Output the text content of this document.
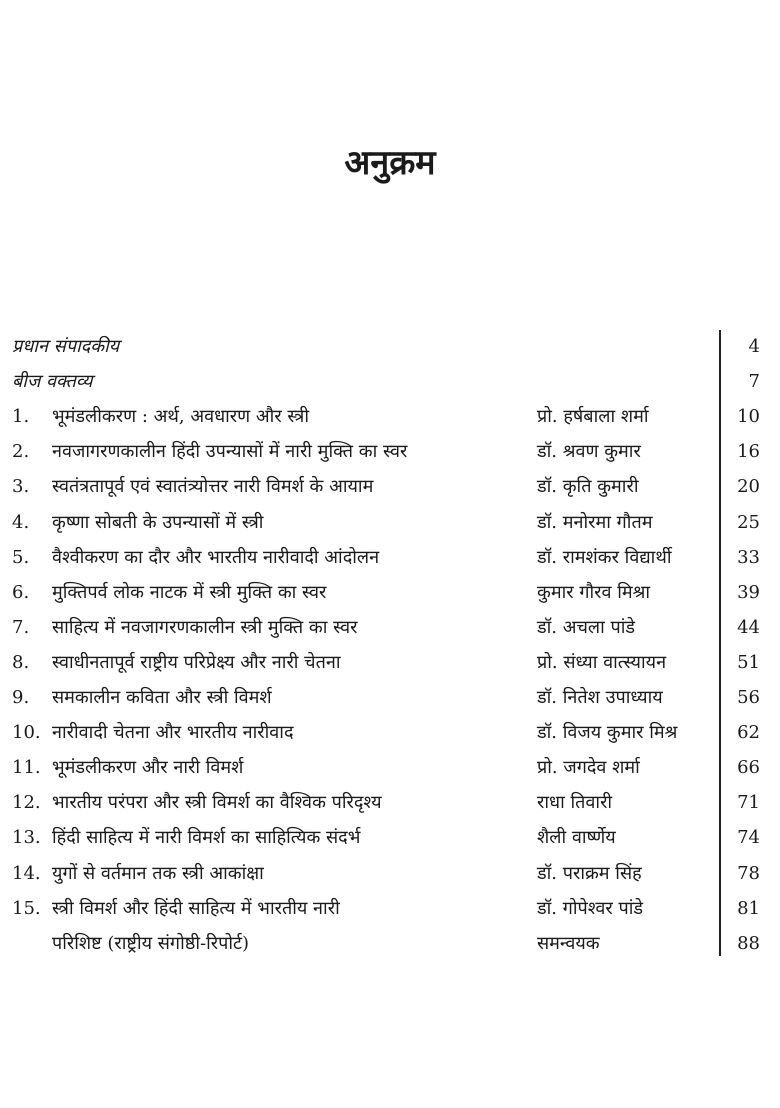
अनुक्रम
प्रधान संपादकीय	4
बीज वक्तव्य	7
1. भूमंडलीकरण : अर्थ, अवधारण और स्त्री	प्रो. हर्षबाला शर्मा	10
2. नवजागरणकालीन हिंदी उपन्यासों में नारी मुक्ति का स्वर	डॉ. श्रवण कुमार	16
3. स्वतंत्रतापूर्व एवं स्वातंत्र्योत्तर नारी विमर्श के आयाम	डॉ. कृति कुमारी	20
4. कृष्णा सोबती के उपन्यासों में स्त्री	डॉ. मनोरमा गौतम	25
5. वैश्वीकरण का दौर और भारतीय नारीवादी आंदोलन	डॉ. रामशंकर विद्यार्थी	33
6. मुक्तिपर्व लोक नाटक में स्त्री मुक्ति का स्वर	कुमार गौरव मिश्रा	39
7. साहित्य में नवजागरणकालीन स्त्री मुक्ति का स्वर	डॉ. अचला पांडे	44
8. स्वाधीनतापूर्व राष्ट्रीय परिप्रेक्ष्य और नारी चेतना	प्रो. संध्या वात्स्यायन	51
9. समकालीन कविता और स्त्री विमर्श	डॉ. नितेश उपाध्याय	56
10. नारीवादी चेतना और भारतीय नारीवाद	डॉ. विजय कुमार मिश्र	62
11. भूमंडलीकरण और नारी विमर्श	प्रो. जगदेव शर्मा	66
12. भारतीय परंपरा और स्त्री विमर्श का वैश्विक परिदृश्य	राधा तिवारी	71
13. हिंदी साहित्य में नारी विमर्श का साहित्यिक संदर्भ	शैली वार्ष्णेय	74
14. युगों से वर्तमान तक स्त्री आकांक्षा	डॉ. पराक्रम सिंह	78
15. स्त्री विमर्श और हिंदी साहित्य में भारतीय नारी	डॉ. गोपेश्वर पांडे	81
परिशिष्ट (राष्ट्रीय संगोष्ठी-रिपोर्ट)	समन्वयक	88
